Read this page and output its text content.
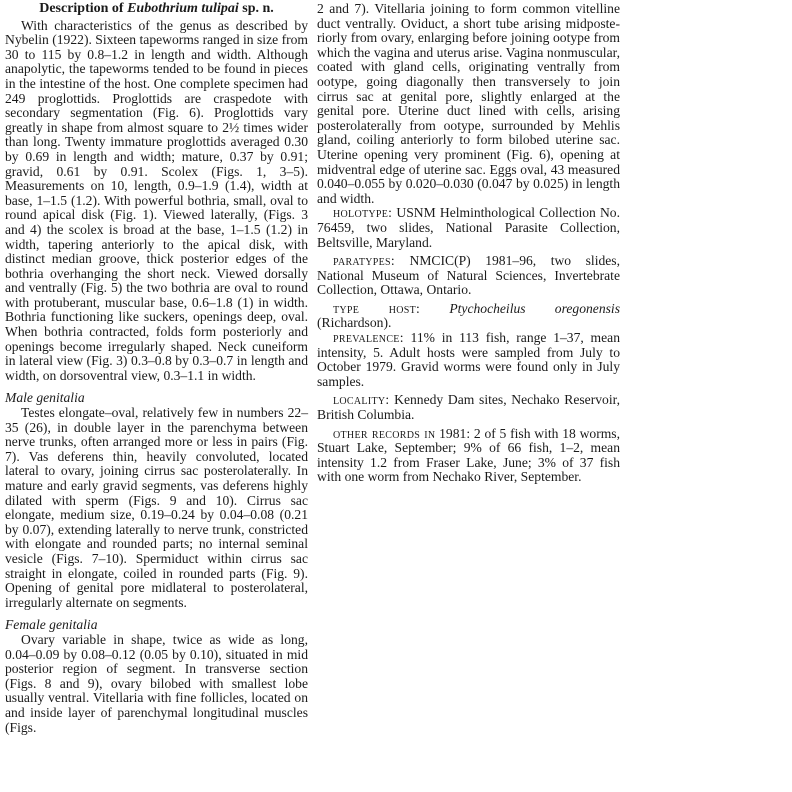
Description of Eubothrium tulipai sp. n.

With characteristics of the genus as described by Nybelin (1922). Sixteen tapeworms ranged in size from 30 to 115 by 0.8–1.2 in length and width. Although anapolytic, the tapeworms tended to be found in pieces in the intestine of the host. One complete specimen had 249 proglottids. Proglottids are craspedote with secondary segmentation (Fig. 6). Proglottids vary greatly in shape from almost square to 2½ times wider than long. Twenty immature proglottids averaged 0.30 by 0.69 in length and width; mature, 0.37 by 0.91; gravid, 0.61 by 0.91. Scolex (Figs. 1, 3–5). Measurements on 10, length, 0.9–1.9 (1.4), width at base, 1–1.5 (1.2). With powerful bothria, small, oval to round apical disk (Fig. 1). Viewed laterally, (Figs. 3 and 4) the scolex is broad at the base, 1–1.5 (1.2) in width, tapering anteriorly to the apical disk, with distinct median groove, thick posterior edges of the bothria overhanging the short neck. Viewed dorsally and ventrally (Fig. 5) the two bothria are oval to round with protuberant, muscular base, 0.6–1.8 (1) in width. Bothria functioning like suckers, openings deep, oval. When bothria contracted, folds form posteriorly and openings become irregularly shaped. Neck cuneiform in lateral view (Fig. 3) 0.3–0.8 by 0.3–0.7 in length and width, on dorsoventral view, 0.3–1.1 in width.

Male genitalia

Testes elongate–oval, relatively few in numbers 22–35 (26), in double layer in the parenchyma between nerve trunks, often arranged more or less in pairs (Fig. 7). Vas deferens thin, heavily convoluted, located lateral to ovary, joining cirrus sac posterolaterally. In mature and early gravid segments, vas deferens highly dilated with sperm (Figs. 9 and 10). Cirrus sac elongate, medium size, 0.19–0.24 by 0.04–0.08 (0.21 by 0.07), extending laterally to nerve trunk, constricted with elongate and rounded parts; no internal seminal vesicle (Figs. 7–10). Spermiduct within cirrus sac straight in elongate, coiled in rounded parts (Fig. 9). Opening of genital pore midlateral to posterolateral, irregularly alternate on segments.

Female genitalia

Ovary variable in shape, twice as wide as long, 0.04–0.09 by 0.08–0.12 (0.05 by 0.10), situated in mid posterior region of segment. In transverse section (Figs. 8 and 9), ovary bilobed with smallest lobe usually ventral. Vitellaria with fine follicles, located on and inside layer of parenchymal longitudinal muscles (Figs.

2 and 7). Vitellaria joining to form common vitelline duct ventrally. Oviduct, a short tube arising midposteriorly from ovary, enlarging before joining ootype from which the vagina and uterus arise. Vagina nonmuscular, coated with gland cells, originating ventrally from ootype, going diagonally then transversely to join cirrus sac at genital pore, slightly enlarged at the genital pore. Uterine duct lined with cells, arising posterolaterally from ootype, surrounded by Mehlis gland, coiling anteriorly to form bilobed uterine sac. Uterine opening very prominent (Fig. 6), opening at midventral edge of uterine sac. Eggs oval, 43 measured 0.040–0.055 by 0.020–0.030 (0.047 by 0.025) in length and width.

holotype: USNM Helminthological Collection No. 76459, two slides, National Parasite Collection, Beltsville, Maryland.

paratypes: NMCIC(P) 1981–96, two slides, National Museum of Natural Sciences, Invertebrate Collection, Ottawa, Ontario.

type host: Ptychocheilus oregonensis (Richardson).

prevalence: 11% in 113 fish, range 1–37, mean intensity, 5. Adult hosts were sampled from July to October 1979. Gravid worms were found only in July samples.

locality: Kennedy Dam sites, Nechako Reservoir, British Columbia.

other records in 1981: 2 of 5 fish with 18 worms, Stuart Lake, September; 9% of 66 fish, 1–2, mean intensity 1.2 from Fraser Lake, June; 3% of 37 fish with one worm from Nechako River, September.
